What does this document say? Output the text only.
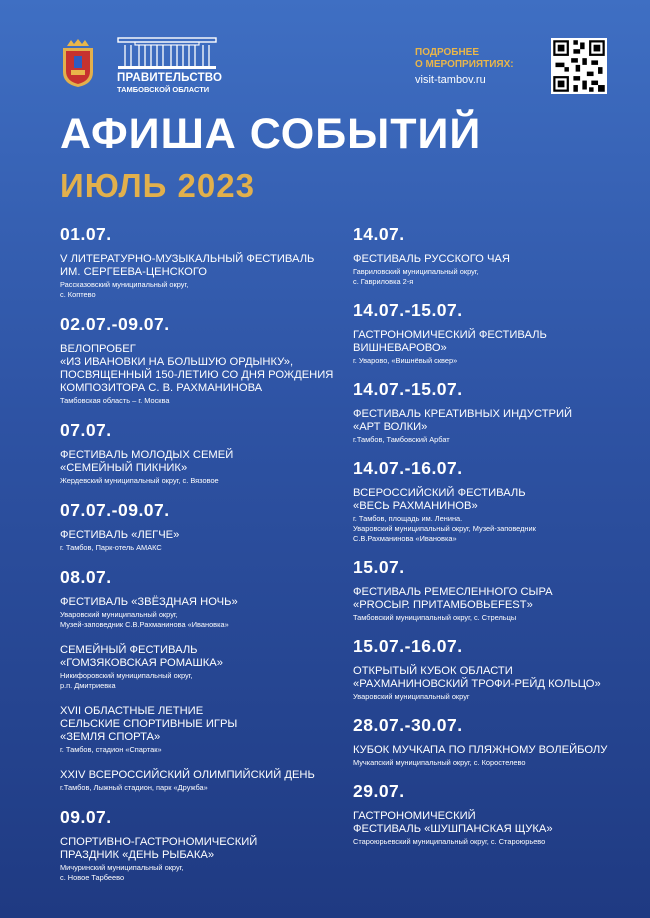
ПРАВИТЕЛЬСТВО
ТАМБОВСКОЙ ОБЛАСТИ
ПОДРОБНЕЕ
О МЕРОПРИЯТИЯХ:
visit-tambov.ru
АФИША СОБЫТИЙ
ИЮЛЬ 2023
01.07.
V ЛИТЕРАТУРНО-МУЗЫКАЛЬНЫЙ ФЕСТИВАЛЬ
ИМ. СЕРГЕЕВА-ЦЕНСКОГО
Рассказовский муниципальный округ,
с. Коптево
02.07.-09.07.
ВЕЛОПРОБЕГ
«ИЗ ИВАНОВКИ НА БОЛЬШУЮ ОРДЫНКУ»,
ПОСВЯЩЕННЫЙ 150-ЛЕТИЮ СО ДНЯ РОЖДЕНИЯ
КОМПОЗИТОРА С. В. РАХМАНИНОВА
Тамбовская область – г. Москва
07.07.
ФЕСТИВАЛЬ МОЛОДЫХ СЕМЕЙ
«СЕМЕЙНЫЙ ПИКНИК»
Жердевский муниципальный округ, с. Вязовое
07.07.-09.07.
ФЕСТИВАЛЬ «ЛЕГЧЕ»
г. Тамбов, Парк-отель АМАКС
08.07.
ФЕСТИВАЛЬ «ЗВЁЗДНАЯ НОЧЬ»
Уваровский муниципальный округ,
Музей-заповедник С.В.Рахманинова «Ивановка»
СЕМЕЙНЫЙ ФЕСТИВАЛЬ
«ГОМЗЯКОВСКАЯ РОМАШКА»
Никифоровский муниципальный округ,
р.п. Дмитриевка
XVII ОБЛАСТНЫЕ ЛЕТНИЕ
СЕЛЬСКИЕ СПОРТИВНЫЕ ИГРЫ
«ЗЕМЛЯ СПОРТА»
г. Тамбов, стадион «Спартак»
XXIV ВСЕРОССИЙСКИЙ ОЛИМПИЙСКИЙ ДЕНЬ
г.Тамбов, Лыжный стадион, парк «Дружба»
09.07.
СПОРТИВНО-ГАСТРОНОМИЧЕСКИЙ
ПРАЗДНИК «ДЕНЬ РЫБАКА»
Мичуринский муниципальный округ,
с. Новое Тарбеево
14.07.
ФЕСТИВАЛЬ РУССКОГО ЧАЯ
Гавриловский муниципальный округ,
с. Гавриловка 2-я
14.07.-15.07.
ГАСТРОНОМИЧЕСКИЙ ФЕСТИВАЛЬ
ВИШНЕВАРОВО»
г. Уварово, «Вишнёвый сквер»
14.07.-15.07.
ФЕСТИВАЛЬ КРЕАТИВНЫХ ИНДУСТРИЙ
«АРТ ВОЛКИ»
г.Тамбов, Тамбовский Арбат
14.07.-16.07.
ВСЕРОССИЙСКИЙ ФЕСТИВАЛЬ
«ВЕСЬ РАХМАНИНОВ»
г. Тамбов, площадь им. Ленина.
Уваровский муниципальный округ, Музей-заповедник
С.В.Рахманинова «Ивановка»
15.07.
ФЕСТИВАЛЬ РЕМЕСЛЕННОГО СЫРА
«PROСЫР. ПРИТАМБОВЬЕFEST»
Тамбовский муниципальный округ, с. Стрельцы
15.07.-16.07.
ОТКРЫТЫЙ КУБОК ОБЛАСТИ
«РАХМАНИНОВСКИЙ ТРОФИ-РЕЙД КОЛЬЦО»
Уваровский муниципальный округ
28.07.-30.07.
КУБОК МУЧКАПА ПО ПЛЯЖНОМУ ВОЛЕЙБОЛУ
Мучкапский муниципальный округ, с. Коростелево
29.07.
ГАСТРОНОМИЧЕСКИЙ
ФЕСТИВАЛЬ «ШУШПАНСКАЯ ЩУКА»
Староюрьевский муниципальный округ, с. Староюрьево
